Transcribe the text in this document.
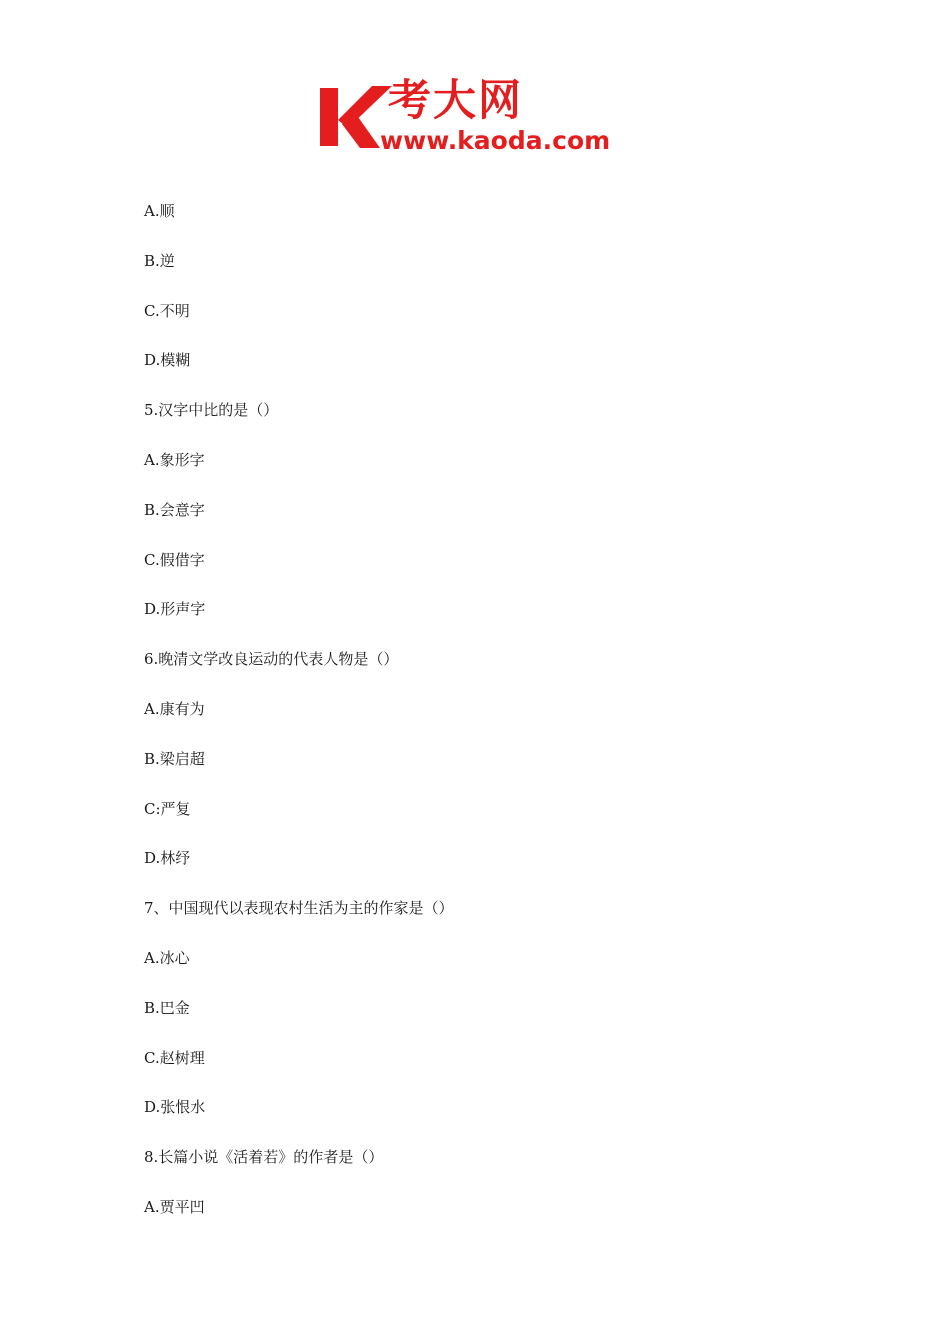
考大网
www.kaoda.com
A.顺
B.逆
C.不明
D.模糊
5.汉字中比的是（）
A.象形字
B.会意字
C.假借字
D.形声字
6.晚清文学改良运动的代表人物是（）
A.康有为
B.梁启超
C:严复
D.林纾
7、中国现代以表现农村生活为主的作家是（）
A.冰心
B.巴金
C.赵树理
D.张恨水
8.长篇小说《活着若》的作者是（）
A.贾平凹
